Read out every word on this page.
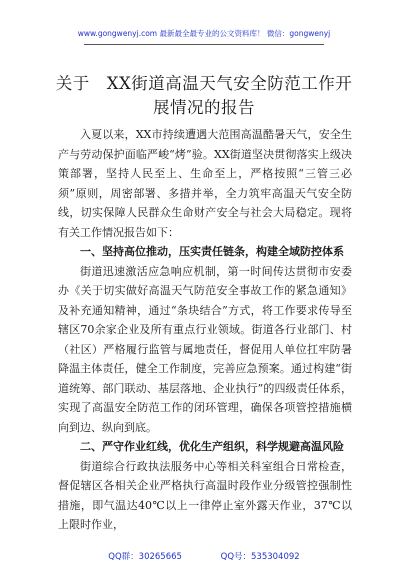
www.gongwenyj.com 最新最全最专业的公文资料库！ 微信：gongwenyj
关于　XX街道高温天气安全防范工作开展情况的报告

入夏以来，XX市持续遭遇大范围高温酷暑天气，安全生产与劳动保护面临严峻“烤”验。XX街道坚决贯彻落实上级决策部署，坚持人民至上、生命至上，严格按照“三管三必须”原则，周密部署、多措并举，全力筑牢高温天气安全防线，切实保障人民群众生命财产安全与社会大局稳定。现将有关工作情况报告如下：

一、坚持高位推动，压实责任链条，构建全域防控体系

街道迅速激活应急响应机制，第一时间传达贯彻市安委办《关于切实做好高温天气防范安全事故工作的紧急通知》及补充通知精神，通过“条块结合”方式，将工作要求传导至辖区70余家企业及所有重点行业领域。街道各行业部门、村（社区）严格履行监管与属地责任，督促用人单位扛牢防暑降温主体责任，健全工作制度，完善应急预案。通过构建“街道统筹、部门联动、基层落地、企业执行”的四级责任体系，实现了高温安全防范工作的闭环管理，确保各项管控措施横向到边、纵向到底。

二、严守作业红线，优化生产组织，科学规避高温风险

街道综合行政执法服务中心等相关科室组合日常检查，督促辖区各相关企业严格执行高温时段作业分级管控强制性措施，即气温达40℃以上一律停止室外露天作业，37℃以上限时作业，

QQ群：30265665	QQ号：535304092
